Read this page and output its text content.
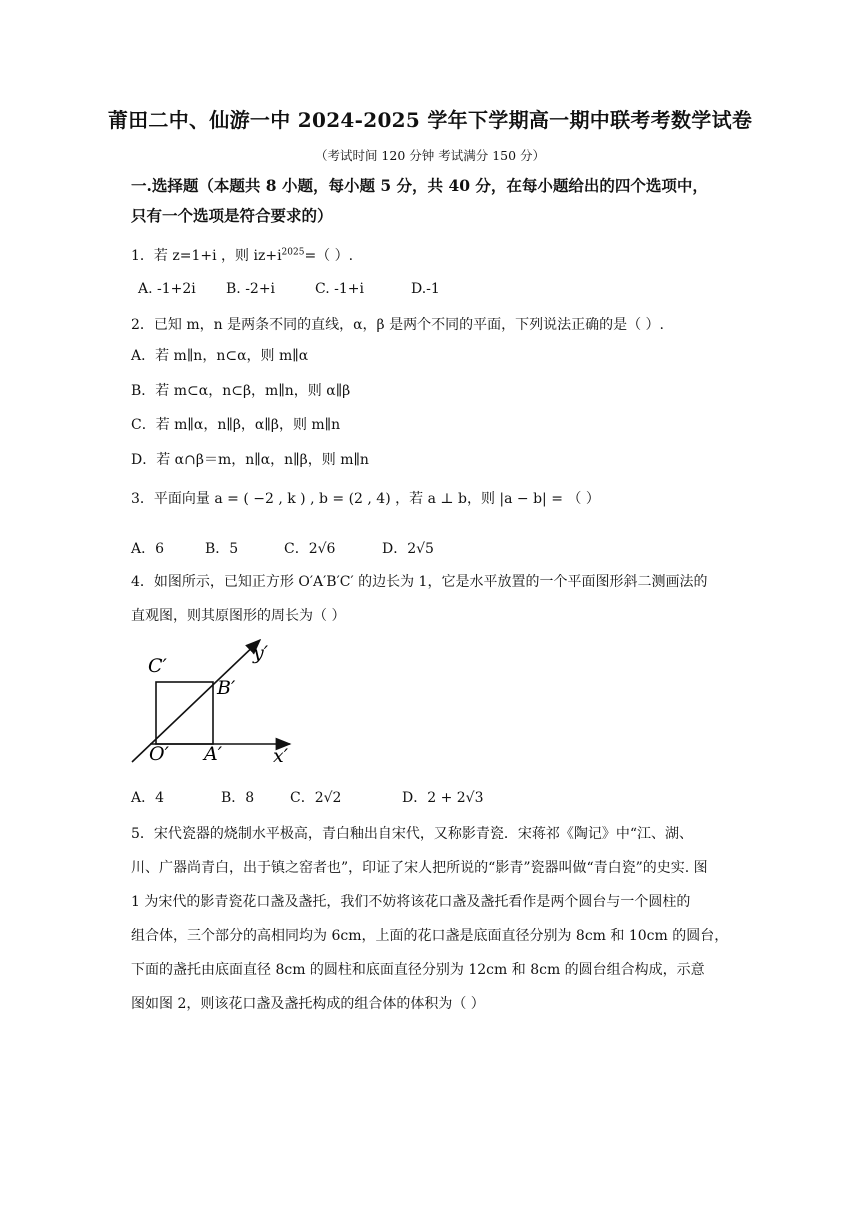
莆田二中、仙游一中 2024-2025 学年下学期高一期中联考考数学试卷
（考试时间 120 分钟 考试满分 150 分）
一.选择题（本题共 8 小题，每小题 5 分，共 40 分，在每小题给出的四个选项中，
只有一个选项是符合要求的）
1．若 z=1+i ，则 $iz+i^{2025}=$（ ）.
A. -1+2i B. -2+i	C. -1+i	D.-1
2．已知 m，n 是两条不同的直线，α，β 是两个不同的平面，下列说法正确的是（ ）.
A．若 m∥n，n⊂α，则 m∥α
B．若 m⊂α，n⊂β，m∥n，则 α∥β
C．若 m∥α，n∥β，α∥β，则 m∥n
D．若 α∩β＝m，n∥α，n∥β，则 m∥n
3．平面向量 a = ( −2 , k ) , b = (2 , 4) ，若 a ⊥ b，则 |a − b| = （ ）
A．6	B．5	C．2√6	D．2√5
4．如图所示，已知正方形 O′A′B′C′ 的边长为 1，它是水平放置的一个平面图形斜二测画法的
直观图，则其原图形的周长为（ ）
C′
B′
O′ A′	x′
y′
A．4	B．8	C．2√2	D．2 + 2√3
5．宋代瓷器的烧制水平极高，青白釉出自宋代，又称影青瓷．宋蒋祁《陶记》中“江、湖、
川、广器尚青白，出于镇之窑者也”，印证了宋人把所说的“影青”瓷器叫做“青白瓷”的史实. 图
1 为宋代的影青瓷花口盏及盏托，我们不妨将该花口盏及盏托看作是两个圆台与一个圆柱的
组合体，三个部分的高相同均为 6cm，上面的花口盏是底面直径分别为 8cm 和 10cm 的圆台，
下面的盏托由底面直径 8cm 的圆柱和底面直径分别为 12cm 和 8cm 的圆台组合构成，示意
图如图 2，则该花口盏及盏托构成的组合体的体积为（ ）
